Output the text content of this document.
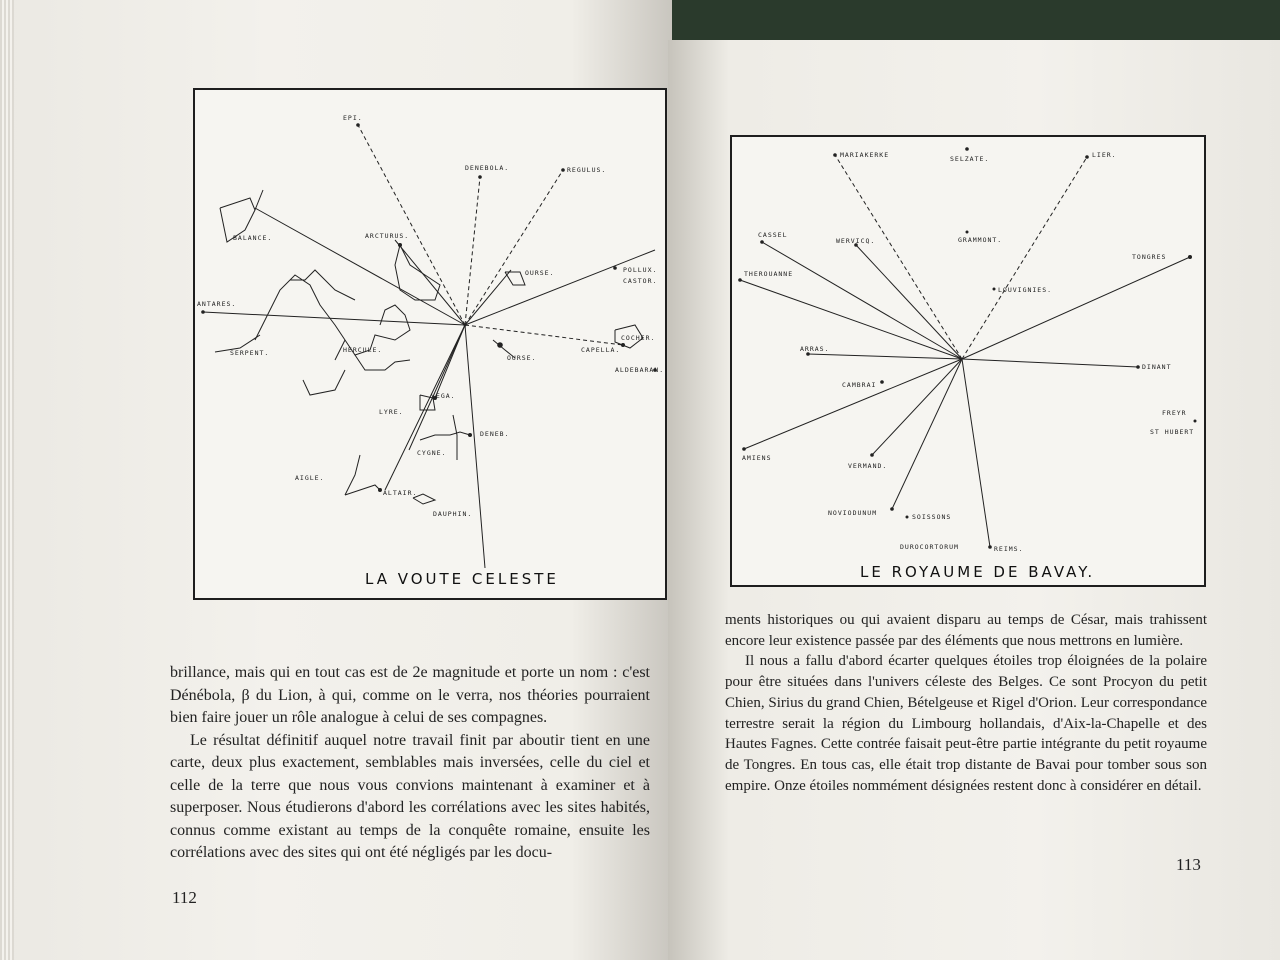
EPI.
DENEBOLA.	REGULUS.
BALANCE.	ARCTURUS.
OURSE.	POLLUX.
CASTOR.
ANTARES.
SERPENT.	HERCULE.
OURSE.
COCHER.
CAPELLA.
ALDEBARAN.
VEGA.
LYRE.
DENEB.
CYGNE.
AIGLE.
ALTAIR.
DAUPHIN.
LA VOUTE CELESTE
MARIAKERKE	SELZATE.	LIER.
CASSEL
WERVICQ.	GRAMMONT.
TONGRES
THEROUANNE
LOUVIGNIES.
ARRAS.
DINANT
CAMBRAI
FREYR
ST HUBERT
AMIENS
VERMAND.
NOVIODUNUM	SOISSONS
DUROCORTORUM	REIMS.
LE ROYAUME DE BAVAY.

brillance, mais qui en tout cas est de 2e magnitude et porte un nom : c'est Dénébola, β du Lion, à qui, comme on le verra, nos théories pourraient bien faire jouer un rôle analogue à celui de ses compagnes.

Le résultat définitif auquel notre travail finit par aboutir tient en une carte, deux plus exactement, semblables mais inversées, celle du ciel et celle de la terre que nous vous convions maintenant à examiner et à superposer. Nous étudierons d'abord les corrélations avec les sites habités, connus comme existant au temps de la conquête romaine, ensuite les corrélations avec des sites qui ont été négligés par les docu-

112

ments historiques ou qui avaient disparu au temps de César, mais trahissent encore leur existence passée par des éléments que nous mettrons en lumière.

Il nous a fallu d'abord écarter quelques étoiles trop éloignées de la polaire pour être situées dans l'univers céleste des Belges. Ce sont Procyon du petit Chien, Sirius du grand Chien, Bételgeuse et Rigel d'Orion. Leur correspondance terrestre serait la région du Limbourg hollandais, d'Aix-la-Chapelle et des Hautes Fagnes. Cette contrée faisait peut-être partie intégrante du petit royaume de Tongres. En tous cas, elle était trop distante de Bavai pour tomber sous son empire. Onze étoiles nommément désignées restent donc à considérer en détail.

113
